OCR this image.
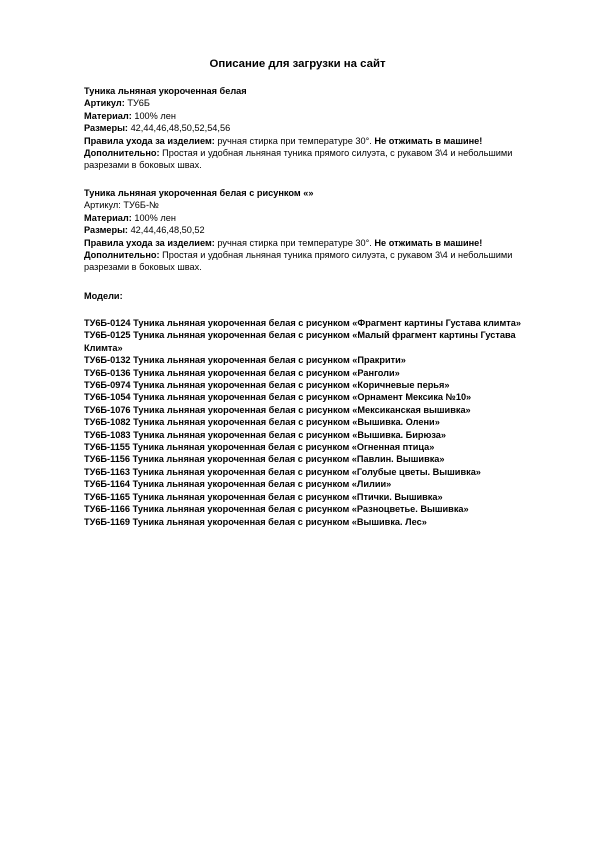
Описание для загрузки на сайт
Туника льняная укороченная белая
Артикул: ТУ6Б
Материал: 100% лен
Размеры: 42,44,46,48,50,52,54,56
Правила ухода за изделием: ручная стирка при температуре 30°. Не отжимать в машине!
Дополнительно: Простая и удобная льняная туника прямого силуэта, с рукавом 3\4 и небольшими разрезами в боковых швах.
Туника льняная укороченная белая с рисунком «»
Артикул: ТУ6Б-№
Материал: 100% лен
Размеры: 42,44,46,48,50,52
Правила ухода за изделием: ручная стирка при температуре 30°. Не отжимать в машине!
Дополнительно: Простая и удобная льняная туника прямого силуэта, с рукавом 3\4 и небольшими разрезами в боковых швах.
Модели:
ТУ6Б-0124 Туника льняная укороченная белая с рисунком «Фрагмент картины Густава климта»
ТУ6Б-0125 Туника льняная укороченная белая с рисунком «Малый фрагмент картины Густава Климта»
ТУ6Б-0132 Туника льняная укороченная белая с рисунком «Пракрити»
ТУ6Б-0136 Туника льняная укороченная белая с рисунком «Ранголи»
ТУ6Б-0974 Туника льняная укороченная белая с рисунком «Коричневые перья»
ТУ6Б-1054 Туника льняная укороченная белая с рисунком «Орнамент Мексика №10»
ТУ6Б-1076 Туника льняная укороченная белая с рисунком «Мексиканская вышивка»
ТУ6Б-1082 Туника льняная укороченная белая с рисунком «Вышивка. Олени»
ТУ6Б-1083 Туника льняная укороченная белая с рисунком «Вышивка. Бирюза»
ТУ6Б-1155 Туника льняная укороченная белая с рисунком «Огненная птица»
ТУ6Б-1156 Туника льняная укороченная белая с рисунком «Павлин. Вышивка»
ТУ6Б-1163 Туника льняная укороченная белая с рисунком «Голубые цветы. Вышивка»
ТУ6Б-1164 Туника льняная укороченная белая с рисунком «Лилии»
ТУ6Б-1165 Туника льняная укороченная белая с рисунком «Птички. Вышивка»
ТУ6Б-1166 Туника льняная укороченная белая с рисунком «Разноцветье. Вышивка»
ТУ6Б-1169 Туника льняная укороченная белая с рисунком «Вышивка. Лес»
